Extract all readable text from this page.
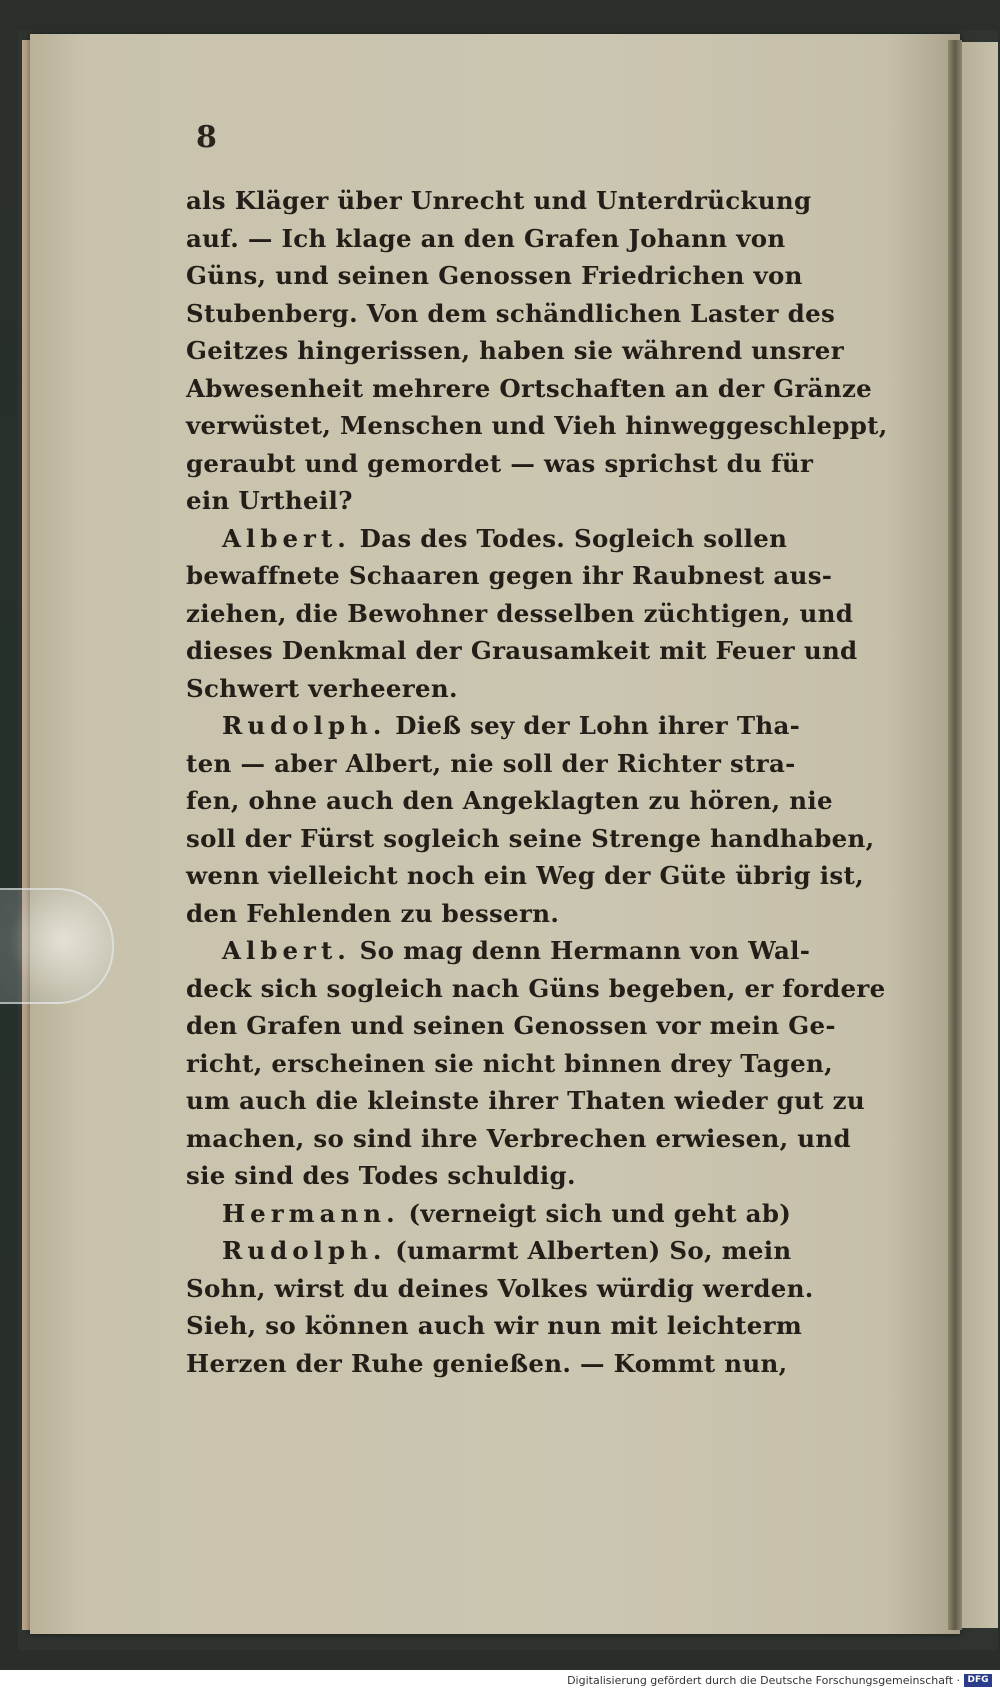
8
als Kläger über Unrecht und Unterdrückung
auf. — Ich klage an den Grafen Johann von
Güns, und seinen Genossen Friedrichen von
Stubenberg. Von dem schändlichen Laster des
Geitzes hingerissen, haben sie während unsrer
Abwesenheit mehrere Ortschaften an der Gränze
verwüstet, Menschen und Vieh hinweggeschleppt,
geraubt und gemordet — was sprichst du für
ein Urtheil?
Albert. Das des Todes. Sogleich sollen
bewaffnete Schaaren gegen ihr Raubnest aus-
ziehen, die Bewohner desselben züchtigen, und
dieses Denkmal der Grausamkeit mit Feuer und
Schwert verheeren.
Rudolph. Dieß sey der Lohn ihrer Tha-
ten — aber Albert, nie soll der Richter stra-
fen, ohne auch den Angeklagten zu hören, nie
soll der Fürst sogleich seine Strenge handhaben,
wenn vielleicht noch ein Weg der Güte übrig ist,
den Fehlenden zu bessern.
Albert. So mag denn Hermann von Wal-
deck sich sogleich nach Güns begeben, er fordere
den Grafen und seinen Genossen vor mein Ge-
richt, erscheinen sie nicht binnen drey Tagen,
um auch die kleinste ihrer Thaten wieder gut zu
machen, so sind ihre Verbrechen erwiesen, und
sie sind des Todes schuldig.
Hermann. (verneigt sich und geht ab)
Rudolph. (umarmt Alberten) So, mein
Sohn, wirst du deines Volkes würdig werden.
Sieh, so können auch wir nun mit leichterm
Herzen der Ruhe genießen. — Kommt nun,
Digitalisierung gefördert durch die Deutsche Forschungsgemeinschaft · DFG
